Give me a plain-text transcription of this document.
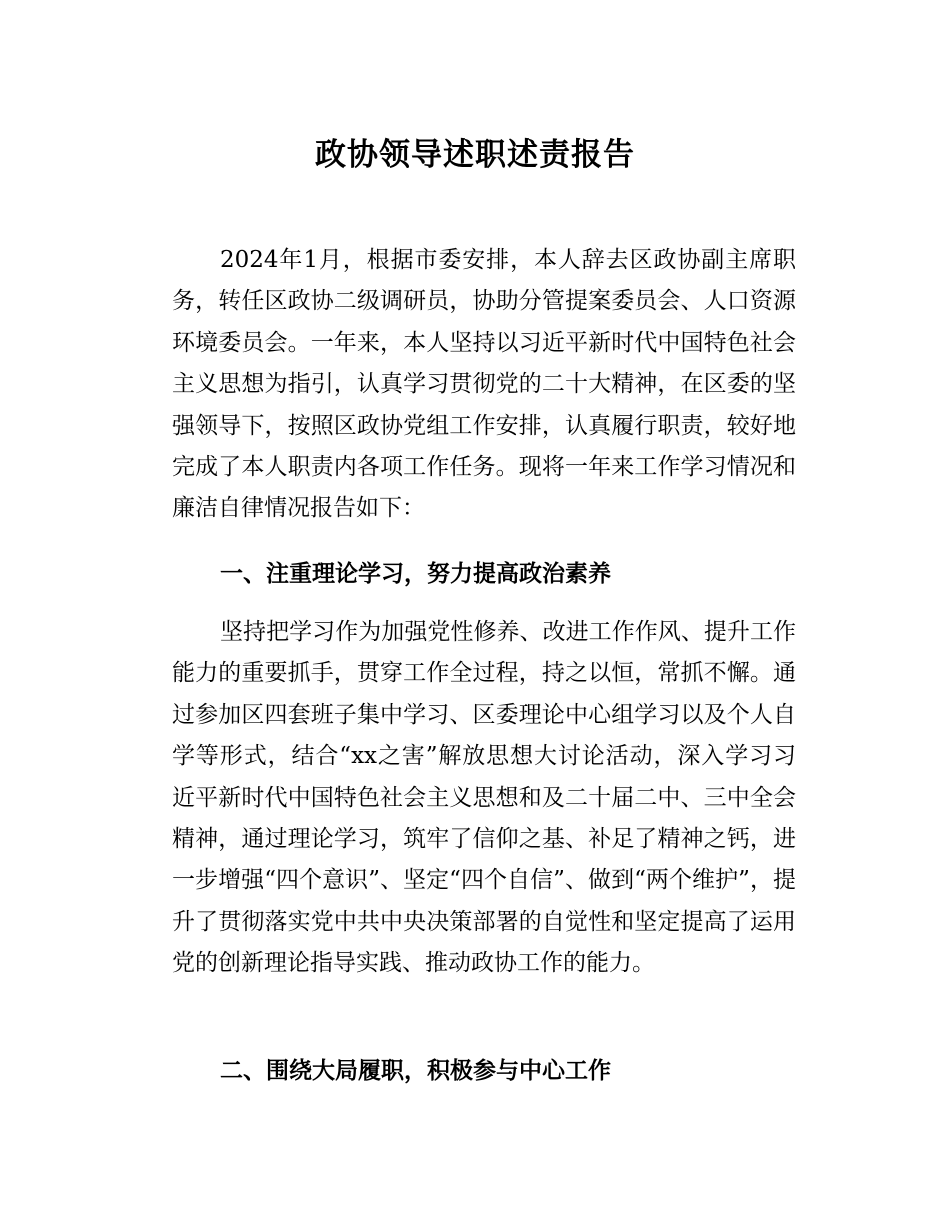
政协领导述职述责报告

2024年1月，根据市委安排，本人辞去区政协副主席职务，转任区政协二级调研员，协助分管提案委员会、人口资源环境委员会。一年来，本人坚持以习近平新时代中国特色社会主义思想为指引，认真学习贯彻党的二十大精神，在区委的坚强领导下，按照区政协党组工作安排，认真履行职责，较好地完成了本人职责内各项工作任务。现将一年来工作学习情况和廉洁自律情况报告如下：

一、注重理论学习，努力提高政治素养

坚持把学习作为加强党性修养、改进工作作风、提升工作能力的重要抓手，贯穿工作全过程，持之以恒，常抓不懈。通过参加区四套班子集中学习、区委理论中心组学习以及个人自学等形式，结合“xx之害”解放思想大讨论活动，深入学习习近平新时代中国特色社会主义思想和及二十届二中、三中全会精神，通过理论学习，筑牢了信仰之基、补足了精神之钙，进一步增强“四个意识”、坚定“四个自信”、做到“两个维护”，提升了贯彻落实党中共中央决策部署的自觉性和坚定提高了运用党的创新理论指导实践、推动政协工作的能力。

二、围绕大局履职，积极参与中心工作
